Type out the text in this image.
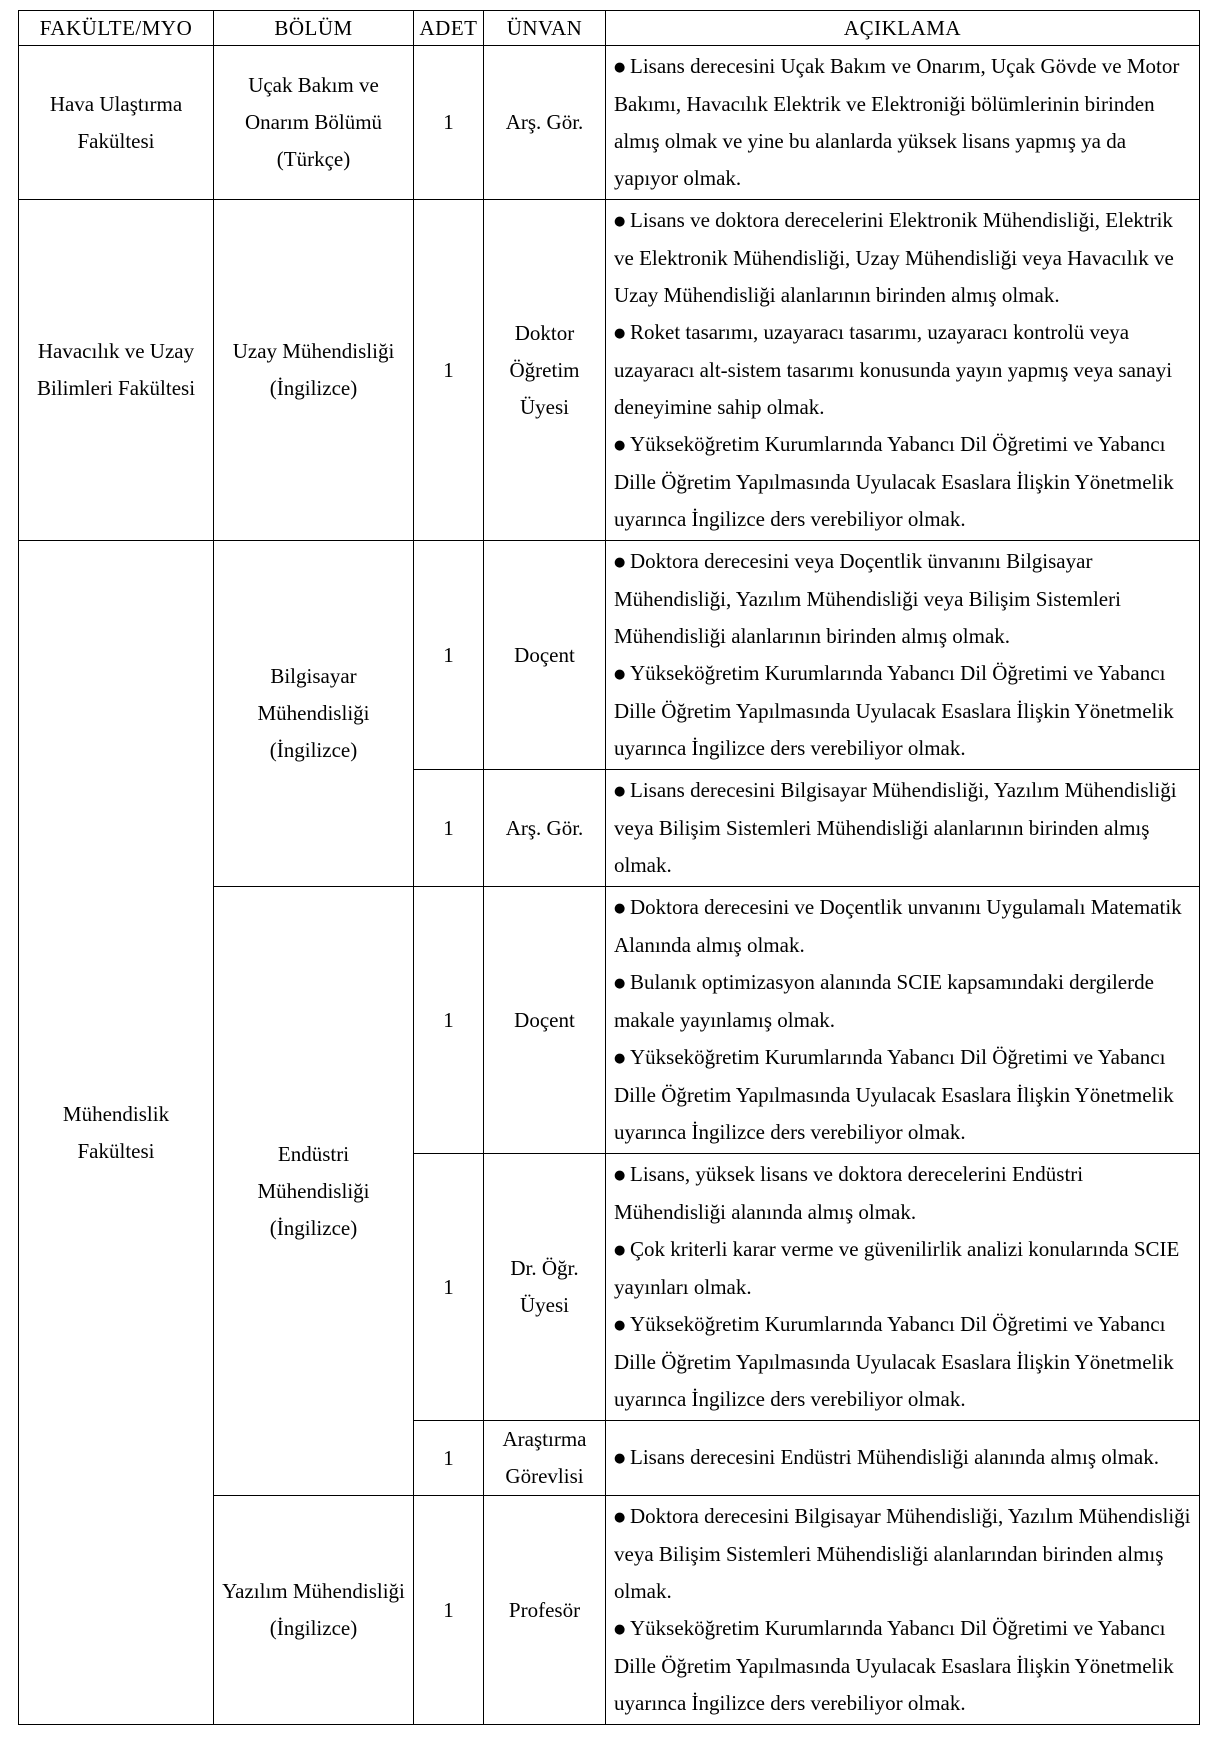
FAKÜLTE/MYO	BÖLÜM	ADET	ÜNVAN	AÇIKLAMA
Hava Ulaştırma Fakültesi	Uçak Bakım ve Onarım Bölümü (Türkçe)	1	Arş. Gör.	● Lisans derecesini Uçak Bakım ve Onarım, Uçak Gövde ve Motor Bakımı, Havacılık Elektrik ve Elektroniği bölümlerinin birinden almış olmak ve yine bu alanlarda yüksek lisans yapmış ya da yapıyor olmak.

Havacılık ve Uzay Bilimleri Fakültesi	Uzay Mühendisliği (İngilizce)	1	Doktor Öğretim Üyesi	● Lisans ve doktora derecelerini Elektronik Mühendisliği, Elektrik ve Elektronik Mühendisliği, Uzay Mühendisliği veya Havacılık ve Uzay Mühendisliği alanlarının birinden almış olmak.
● Roket tasarımı, uzayaracı tasarımı, uzayaracı kontrolü veya uzayaracı alt-sistem tasarımı konusunda yayın yapmış veya sanayi deneyimine sahip olmak.
● Yükseköğretim Kurumlarında Yabancı Dil Öğretimi ve Yabancı Dille Öğretim Yapılmasında Uyulacak Esaslara İlişkin Yönetmelik uyarınca İngilizce ders verebiliyor olmak.

Mühendislik Fakültesi	Bilgisayar Mühendisliği (İngilizce)	1	Doçent	● Doktora derecesini veya Doçentlik ünvanını Bilgisayar Mühendisliği, Yazılım Mühendisliği veya Bilişim Sistemleri Mühendisliği alanlarının birinden almış olmak.
● Yükseköğretim Kurumlarında Yabancı Dil Öğretimi ve Yabancı Dille Öğretim Yapılmasında Uyulacak Esaslara İlişkin Yönetmelik uyarınca İngilizce ders verebiliyor olmak.

		1	Arş. Gör.	● Lisans derecesini Bilgisayar Mühendisliği, Yazılım Mühendisliği veya Bilişim Sistemleri Mühendisliği alanlarının birinden almış olmak.

	Endüstri Mühendisliği (İngilizce)	1	Doçent	● Doktora derecesini ve Doçentlik unvanını Uygulamalı Matematik Alanında almış olmak.
● Bulanık optimizasyon alanında SCIE kapsamındaki dergilerde makale yayınlamış olmak.
● Yükseköğretim Kurumlarında Yabancı Dil Öğretimi ve Yabancı Dille Öğretim Yapılmasında Uyulacak Esaslara İlişkin Yönetmelik uyarınca İngilizce ders verebiliyor olmak.

		1	Dr. Öğr. Üyesi	● Lisans, yüksek lisans ve doktora derecelerini Endüstri Mühendisliği alanında almış olmak.
● Çok kriterli karar verme ve güvenilirlik analizi konularında SCIE yayınları olmak.
● Yükseköğretim Kurumlarında Yabancı Dil Öğretimi ve Yabancı Dille Öğretim Yapılmasında Uyulacak Esaslara İlişkin Yönetmelik uyarınca İngilizce ders verebiliyor olmak.

		1	Araştırma Görevlisi	● Lisans derecesini Endüstri Mühendisliği alanında almış olmak.

	Yazılım Mühendisliği (İngilizce)	1	Profesör	● Doktora derecesini Bilgisayar Mühendisliği, Yazılım Mühendisliği veya Bilişim Sistemleri Mühendisliği alanlarından birinden almış olmak.
● Yükseköğretim Kurumlarında Yabancı Dil Öğretimi ve Yabancı Dille Öğretim Yapılmasında Uyulacak Esaslara İlişkin Yönetmelik uyarınca İngilizce ders verebiliyor olmak.
